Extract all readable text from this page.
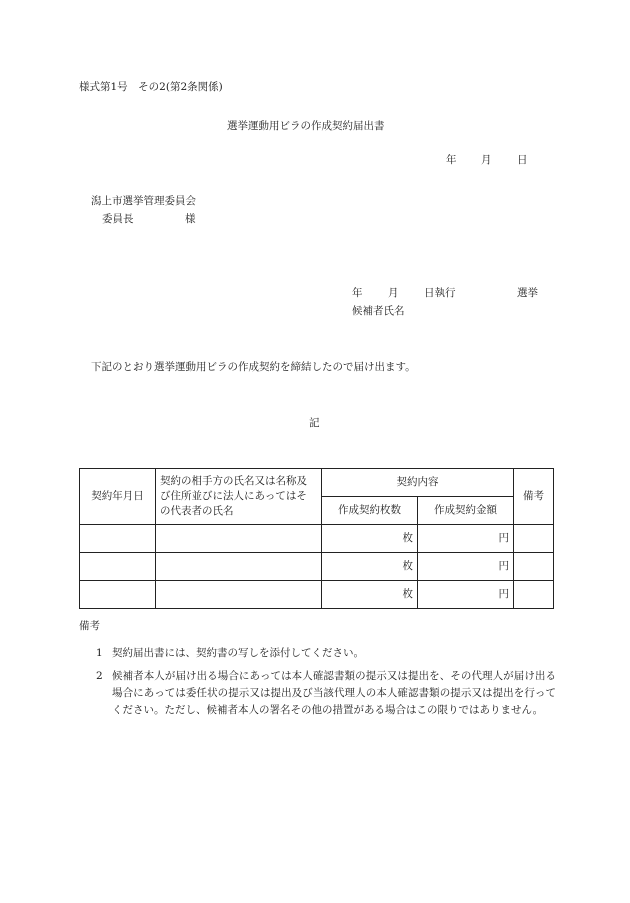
様式第1号　その2(第2条関係)
選挙運動用ビラの作成契約届出書
年 月 日
潟上市選挙管理委員会
委員長	様
年 月 日執行	選挙
候補者氏名
下記のとおり選挙運動用ビラの作成契約を締結したので届け出ます。
記
契約年月日	契約の相手方の氏名又は名称及び住所並びに法人にあってはその代表者の氏名	契約内容		備考
		作成契約枚数	作成契約金額	
		枚	円	
		枚	円	
		枚	円	
備考
1 契約届出書には、契約書の写しを添付してください。
2 候補者本人が届け出る場合にあっては本人確認書類の提示又は提出を、その代理人が届け出る場合にあっては委任状の提示又は提出及び当該代理人の本人確認書類の提示又は提出を行ってください。ただし、候補者本人の署名その他の措置がある場合はこの限りではありません。
